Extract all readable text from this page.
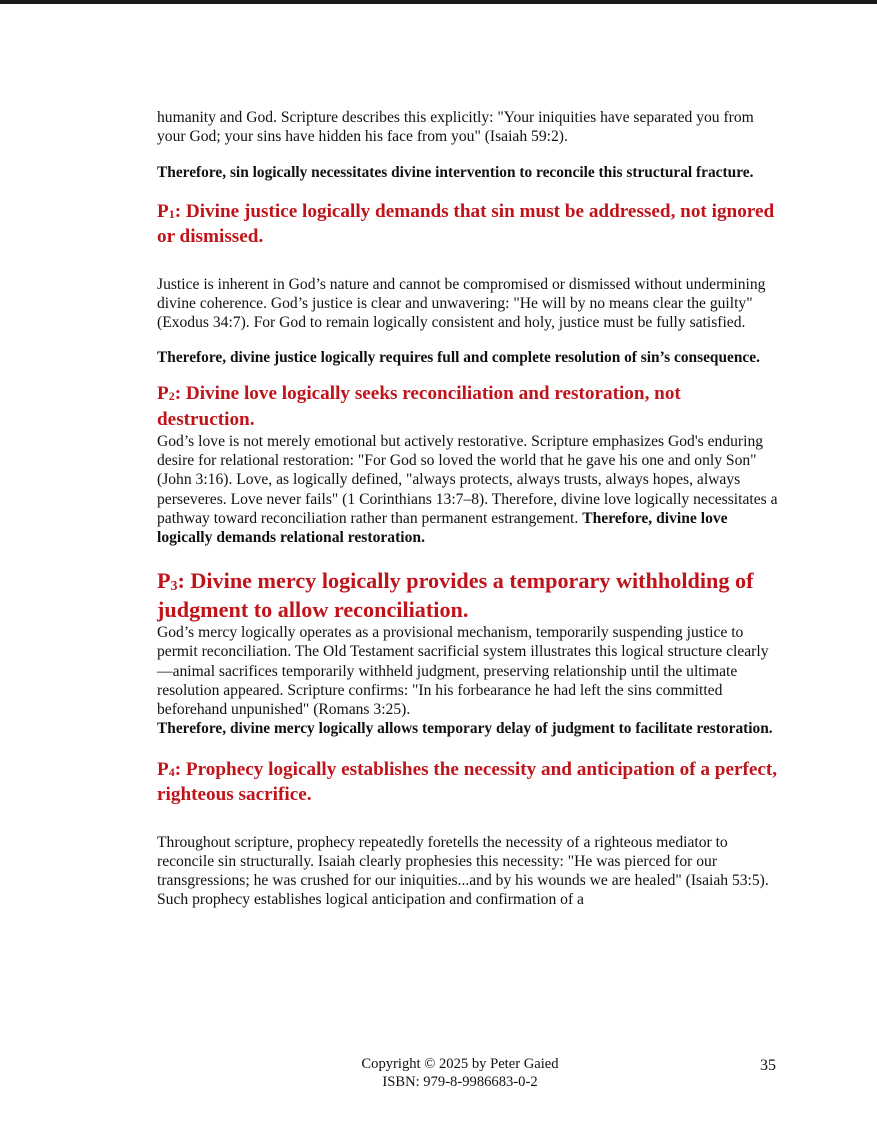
humanity and God. Scripture describes this explicitly: "Your iniquities have separated you from your God; your sins have hidden his face from you" (Isaiah 59:2).

Therefore, sin logically necessitates divine intervention to reconcile this structural fracture.

P1: Divine justice logically demands that sin must be addressed, not ignored or dismissed.

Justice is inherent in God’s nature and cannot be compromised or dismissed without undermining divine coherence. God’s justice is clear and unwavering: "He will by no means clear the guilty" (Exodus 34:7). For God to remain logically consistent and holy, justice must be fully satisfied.

Therefore, divine justice logically requires full and complete resolution of sin’s consequence.

P2: Divine love logically seeks reconciliation and restoration, not destruction.

God’s love is not merely emotional but actively restorative. Scripture emphasizes God's enduring desire for relational restoration: "For God so loved the world that he gave his one and only Son" (John 3:16). Love, as logically defined, "always protects, always trusts, always hopes, always perseveres. Love never fails" (1 Corinthians 13:7–8). Therefore, divine love logically necessitates a pathway toward reconciliation rather than permanent estrangement. Therefore, divine love logically demands relational restoration.

P3: Divine mercy logically provides a temporary withholding of judgment to allow reconciliation.

God’s mercy logically operates as a provisional mechanism, temporarily suspending justice to permit reconciliation. The Old Testament sacrificial system illustrates this logical structure clearly—animal sacrifices temporarily withheld judgment, preserving relationship until the ultimate resolution appeared. Scripture confirms: "In his forbearance he had left the sins committed beforehand unpunished" (Romans 3:25).

Therefore, divine mercy logically allows temporary delay of judgment to facilitate restoration.

P4: Prophecy logically establishes the necessity and anticipation of a perfect, righteous sacrifice.

Throughout scripture, prophecy repeatedly foretells the necessity of a righteous mediator to reconcile sin structurally. Isaiah clearly prophesies this necessity: "He was pierced for our transgressions; he was crushed for our iniquities...and by his wounds we are healed" (Isaiah 53:5). Such prophecy establishes logical anticipation and confirmation of a

Copyright © 2025 by Peter Gaied
ISBN: 979-8-9986683-0-2
35
